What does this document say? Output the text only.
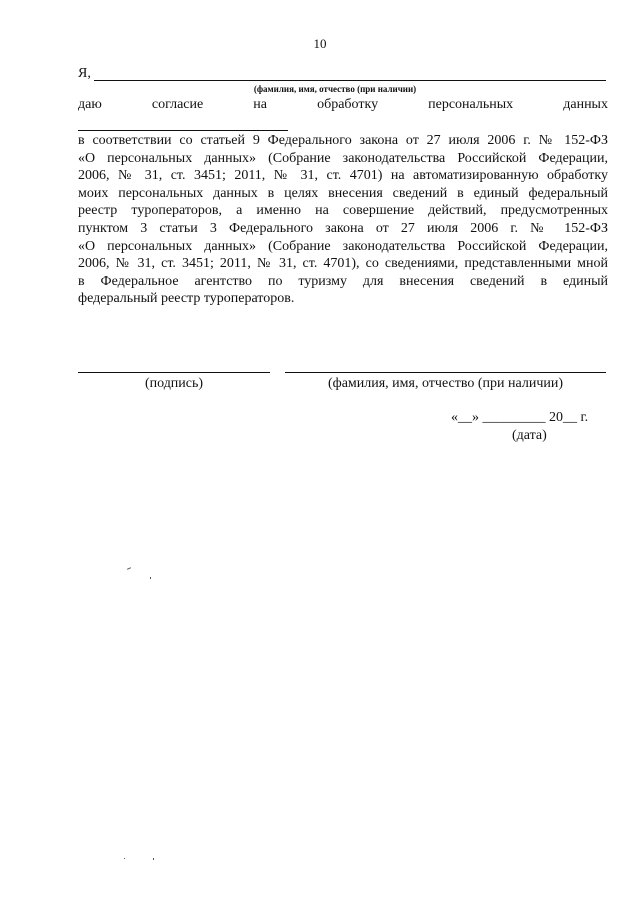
10
Я,
(фамилия, имя, отчество (при наличии)
даю	согласие	на	обработку	персональных	данных

в соответствии со статьей 9 Федерального закона от 27 июля 2006 г. № 152-ФЗ

«О персональных данных» (Собрание законодательства Российской Федерации,

2006, № 31, ст. 3451; 2011, № 31, ст. 4701) на автоматизированную обработку

моих персональных данных в целях внесения сведений в единый федеральный

реестр туроператоров, а именно на совершение действий, предусмотренных

пунктом 3 статьи 3 Федерального закона от 27 июля 2006 г. № 152-ФЗ

«О персональных данных» (Собрание законодательства Российской Федерации,

2006, № 31, ст. 3451; 2011, № 31, ст. 4701), со сведениями, представленными мной

в Федеральное агентство по туризму для внесения сведений в единый

федеральный реестр туроператоров.

(подпись)	(фамилия, имя, отчество (при наличии)
«__» _________ 20__ г.
(дата)
